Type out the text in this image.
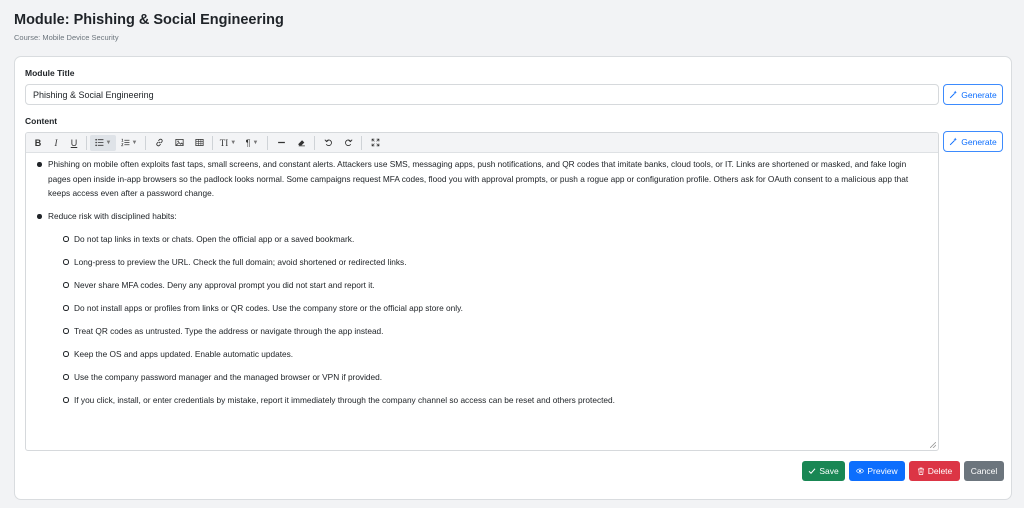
Module: Phishing & Social Engineering
Course: Mobile Device Security
Module Title
Phishing & Social Engineering
Generate
Content
Generate
B	I	U	▼	▼	TI ▼ ¶ ▼
Phishing on mobile often exploits fast taps, small screens, and constant alerts. Attackers use SMS, messaging apps, push notifications, and QR codes that imitate banks, cloud tools, or IT. Links are shortened or masked, and fake login pages open inside in-app browsers so the padlock looks normal. Some campaigns request MFA codes, flood you with approval prompts, or push a rogue app or configuration profile. Others ask for OAuth consent to a malicious app that keeps access even after a password change.
Reduce risk with disciplined habits:
Do not tap links in texts or chats. Open the official app or a saved bookmark.
Long-press to preview the URL. Check the full domain; avoid shortened or redirected links.
Never share MFA codes. Deny any approval prompt you did not start and report it.
Do not install apps or profiles from links or QR codes. Use the company store or the official app store only.
Treat QR codes as untrusted. Type the address or navigate through the app instead.
Keep the OS and apps updated. Enable automatic updates.
Use the company password manager and the managed browser or VPN if provided.
If you click, install, or enter credentials by mistake, report it immediately through the company channel so access can be reset and others protected.
Save	Preview	Delete Cancel
